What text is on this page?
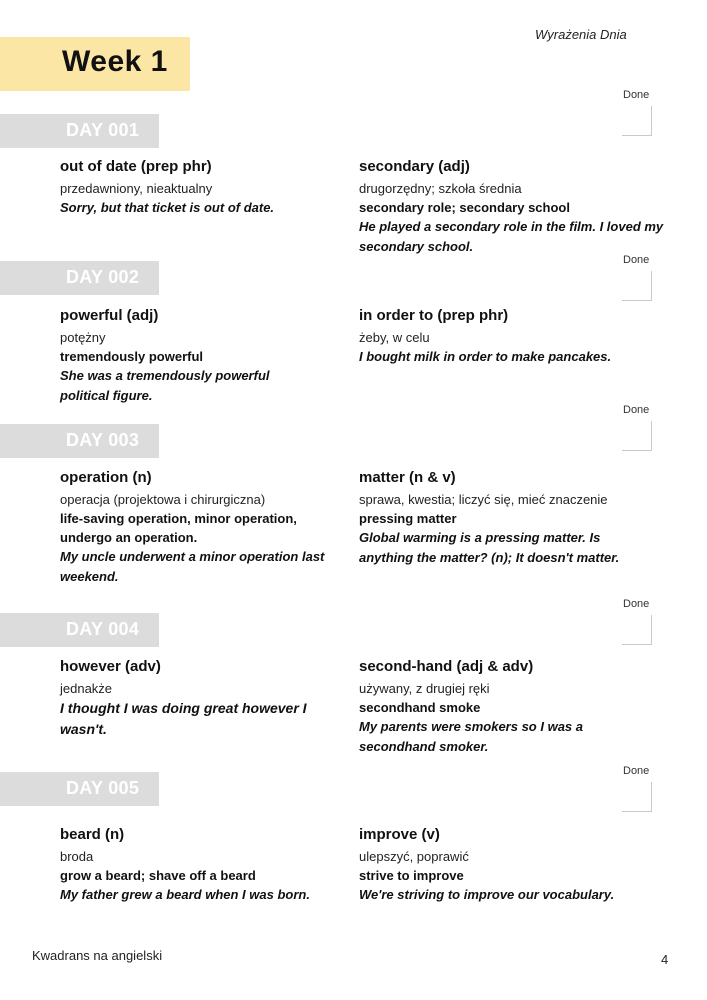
Wyrażenia Dnia
Week 1
Done
DAY 001
out of date (prep phr)
przedawniony, nieaktualny
Sorry, but that ticket is out of date.
secondary (adj)
drugorzędny; szkoła średnia
secondary role; secondary school
He played a secondary role in the film. I loved my secondary school.
Done
DAY 002
powerful (adj)
potężny
tremendously powerful
She was a tremendously powerful political figure.
in order to (prep phr)
żeby, w celu
I bought milk in order to make pancakes.
Done
DAY 003
operation (n)
operacja (projektowa i chirurgiczna)
life-saving operation, minor operation, undergo an operation.
My uncle underwent a minor operation last weekend.
matter (n & v)
sprawa, kwestia; liczyć się, mieć znaczenie
pressing matter
Global warming is a pressing matter. Is anything the matter? (n); It doesn't matter.
Done
DAY 004
however (adv)
jednakże
I thought I was doing great however I wasn't.
second-hand (adj & adv)
używany, z drugiej ręki
secondhand smoke
My parents were smokers so I was a secondhand smoker.
Done
DAY 005
beard (n)
broda
grow a beard; shave off a beard
My father grew a beard when I was born.
improve (v)
ulepszyć, poprawić
strive to improve
We're striving to improve our vocabulary.
Kwadrans na angielski	4
